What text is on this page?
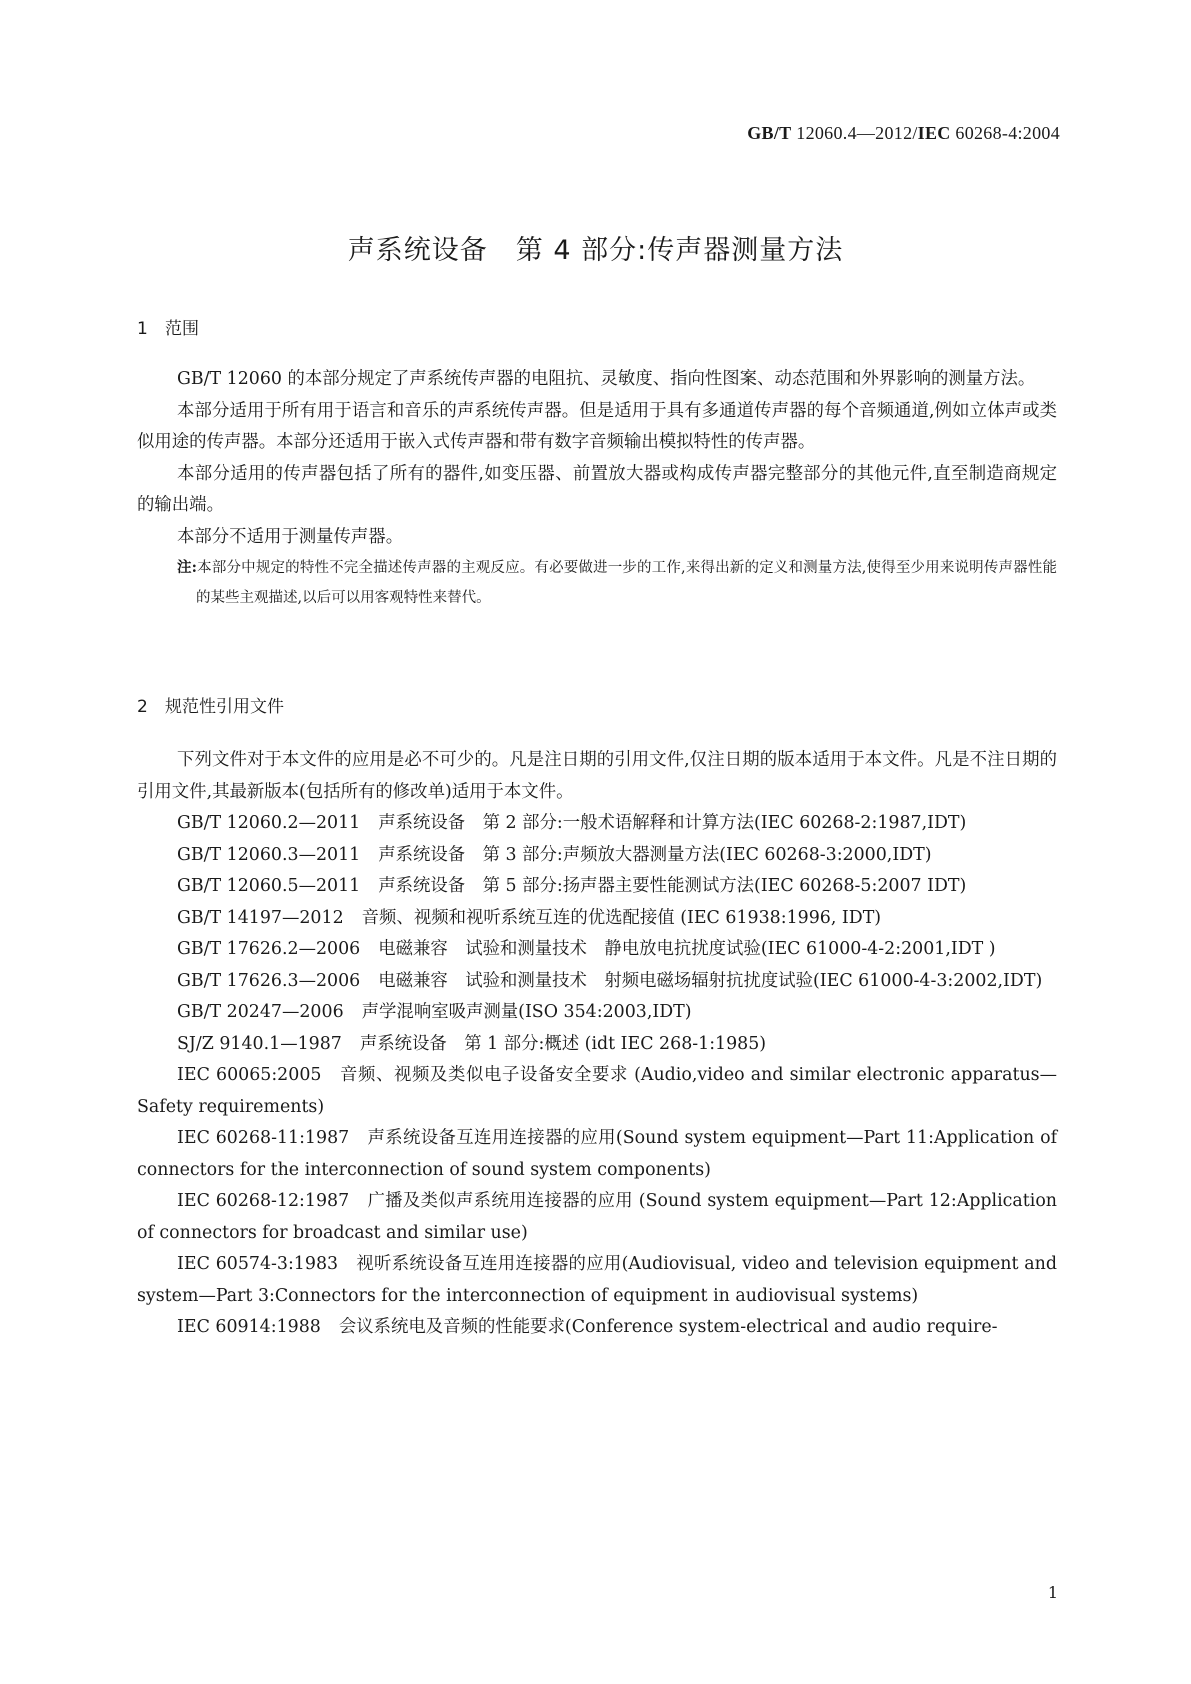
GB/T 12060.4—2012/IEC 60268-4:2004
声系统设备　第 4 部分:传声器测量方法
1 范围

GB/T 12060 的本部分规定了声系统传声器的电阻抗、灵敏度、指向性图案、动态范围和外界影响的测量方法。

本部分适用于所有用于语言和音乐的声系统传声器。但是适用于具有多通道传声器的每个音频通道,例如立体声或类似用途的传声器。本部分还适用于嵌入式传声器和带有数字音频输出模拟特性的传声器。

本部分适用的传声器包括了所有的器件,如变压器、前置放大器或构成传声器完整部分的其他元件,直至制造商规定的输出端。

本部分不适用于测量传声器。

注:本部分中规定的特性不完全描述传声器的主观反应。有必要做进一步的工作,来得出新的定义和测量方法,使得至少用来说明传声器性能的某些主观描述,以后可以用客观特性来替代。

2 规范性引用文件

下列文件对于本文件的应用是必不可少的。凡是注日期的引用文件,仅注日期的版本适用于本文件。凡是不注日期的引用文件,其最新版本(包括所有的修改单)适用于本文件。

GB/T 12060.2—2011 声系统设备　第 2 部分:一般术语解释和计算方法(IEC 60268-2:1987,IDT)

GB/T 12060.3—2011 声系统设备　第 3 部分:声频放大器测量方法(IEC 60268-3:2000,IDT)

GB/T 12060.5—2011 声系统设备　第 5 部分:扬声器主要性能测试方法(IEC 60268-5:2007 IDT)

GB/T 14197—2012 音频、视频和视听系统互连的优选配接值 (IEC 61938:1996, IDT)

GB/T 17626.2—2006 电磁兼容　试验和测量技术　静电放电抗扰度试验(IEC 61000-4-2:2001,IDT )

GB/T 17626.3—2006 电磁兼容　试验和测量技术　射频电磁场辐射抗扰度试验(IEC 61000-4-3:2002,IDT)

GB/T 20247—2006 声学混响室吸声测量(ISO 354:2003,IDT)

SJ/Z 9140.1—1987 声系统设备　第 1 部分:概述 (idt IEC 268-1:1985)

IEC 60065:2005 音频、视频及类似电子设备安全要求 (Audio,video and similar electronic apparatus—Safety requirements)

IEC 60268-11:1987 声系统设备互连用连接器的应用(Sound system equipment—Part 11:Application of connectors for the interconnection of sound system components)

IEC 60268-12:1987 广播及类似声系统用连接器的应用 (Sound system equipment—Part 12:Application of connectors for broadcast and similar use)

IEC 60574-3:1983 视听系统设备互连用连接器的应用(Audiovisual, video and television equipment and system—Part 3:Connectors for the interconnection of equipment in audiovisual systems)

IEC 60914:1988 会议系统电及音频的性能要求(Conference system-electrical and audio require-

1
